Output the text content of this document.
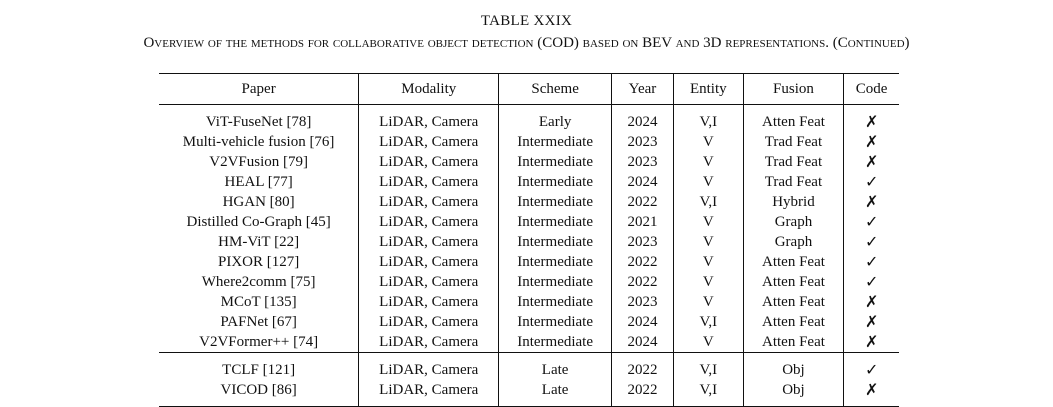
TABLE XXIX
Overview of the methods for collaborative object detection (COD) based on BEV and 3D representations. (Continued)
Paper	Modality	Scheme	Year	Entity	Fusion	Code
ViT-FuseNet [78]	LiDAR, Camera	Early	2024	V,I	Atten Feat	✗
Multi-vehicle fusion [76]	LiDAR, Camera	Intermediate	2023	V	Trad Feat	✗
V2VFusion [79]	LiDAR, Camera	Intermediate	2023	V	Trad Feat	✗
HEAL [77]	LiDAR, Camera	Intermediate	2024	V	Trad Feat	✓
HGAN [80]	LiDAR, Camera	Intermediate	2022	V,I	Hybrid	✗
Distilled Co-Graph [45]	LiDAR, Camera	Intermediate	2021	V	Graph	✓
HM-ViT [22]	LiDAR, Camera	Intermediate	2023	V	Graph	✓
PIXOR [127]	LiDAR, Camera	Intermediate	2022	V	Atten Feat	✓
Where2comm [75]	LiDAR, Camera	Intermediate	2022	V	Atten Feat	✓
MCoT [135]	LiDAR, Camera	Intermediate	2023	V	Atten Feat	✗
PAFNet [67]	LiDAR, Camera	Intermediate	2024	V,I	Atten Feat	✗
V2VFormer++ [74]	LiDAR, Camera	Intermediate	2024	V	Atten Feat	✗
TCLF [121]	LiDAR, Camera	Late	2022	V,I	Obj	✓
VICOD [86]	LiDAR, Camera	Late	2022	V,I	Obj	✗
